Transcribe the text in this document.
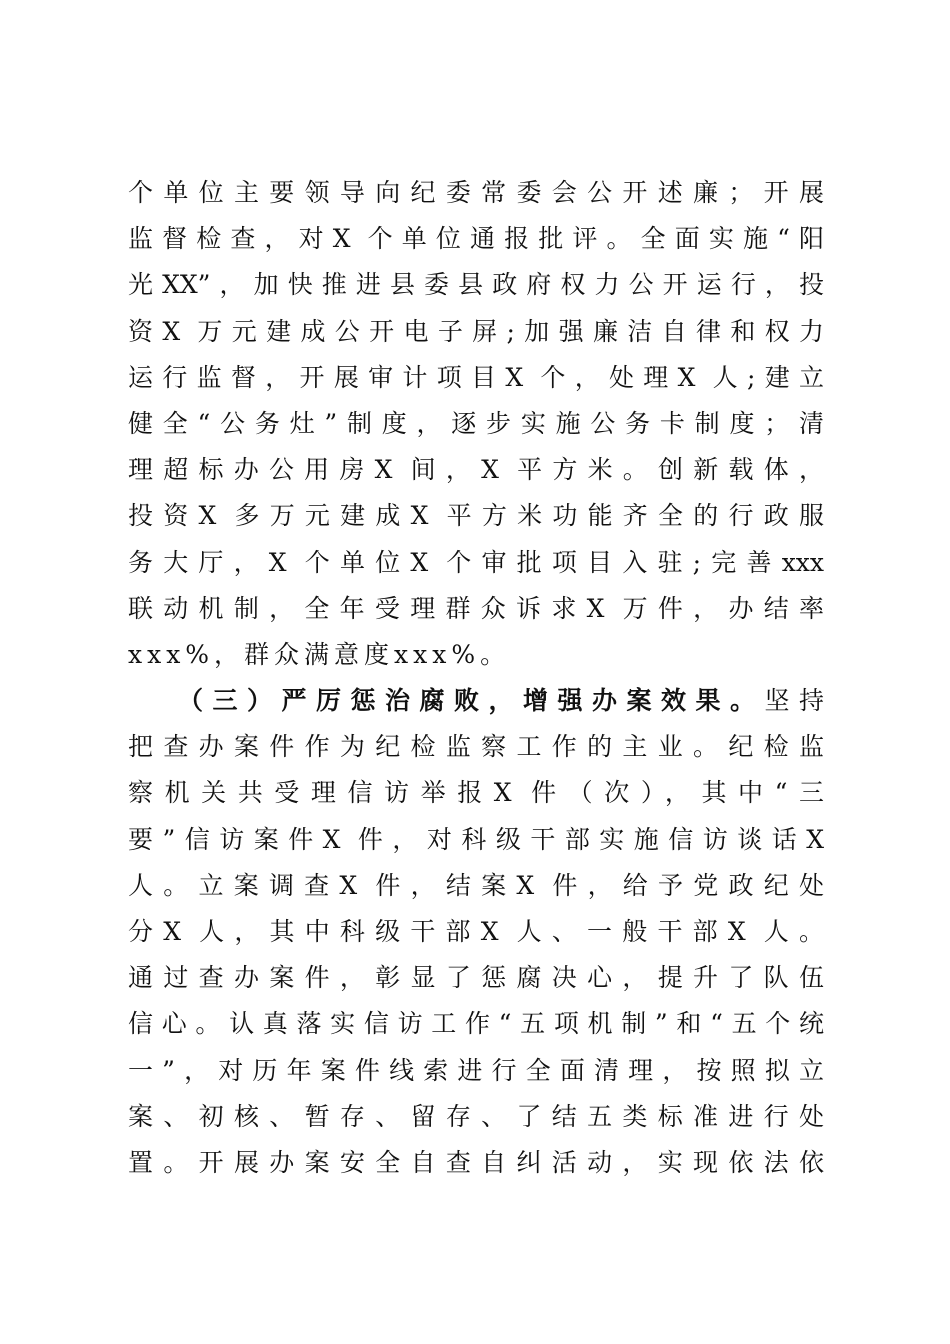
个单位主要领导向纪委常委会公开述廉；开展
监督检查，对X 个单位通报批评。全面实施“阳
光XX”，加快推进县委县政府权力公开运行，投
资X 万元建成公开电子屏;加强廉洁自律和权力
运行监督，开展审计项目X 个，处理X 人;建立
健全“公务灶”制度，逐步实施公务卡制度；清
理超标办公用房X 间，X 平方米。创新载体，
投资X 多万元建成X 平方米功能齐全的行政服
务大厅，X 个单位X 个审批项目入驻;完善xxx
联动机制，全年受理群众诉求X 万件，办结率
xxx%，群众满意度xxx%。
（三）严厉惩治腐败，增强办案效果。坚持
把查办案件作为纪检监察工作的主业。纪检监
察机关共受理信访举报X 件（次），其中“三
要”信访案件X 件，对科级干部实施信访谈话X
人。立案调查X 件，结案X 件，给予党政纪处
分X 人，其中科级干部X 人、一般干部X 人。
通过查办案件，彰显了惩腐决心，提升了队伍
信心。认真落实信访工作“五项机制”和“五个统
一”，对历年案件线索进行全面清理，按照拟立
案、初核、暂存、留存、了结五类标准进行处
置。开展办案安全自查自纠活动，实现依法依
